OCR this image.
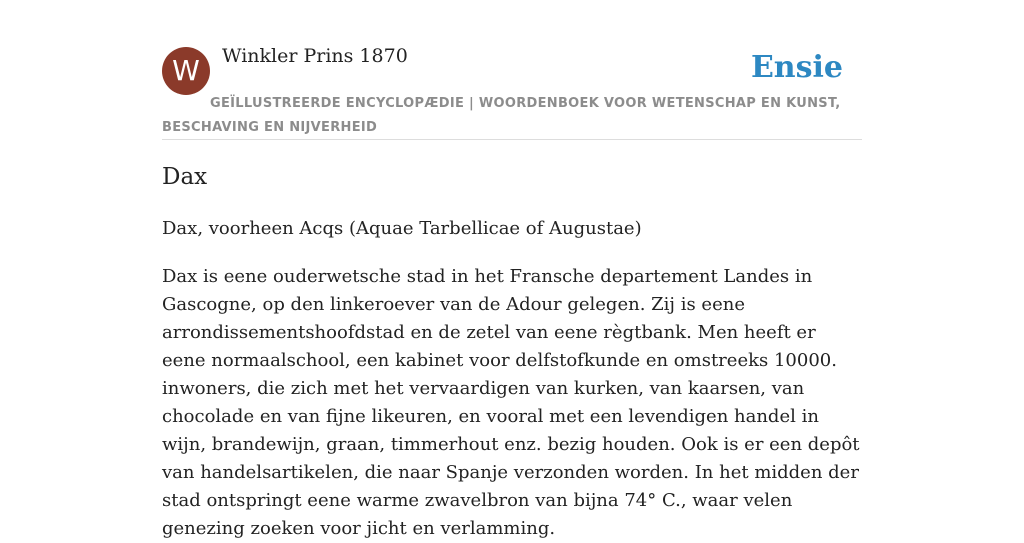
W	Winkler Prins 1870	Ensie
GEÏLLUSTREERDE ENCYCLOPÆDIE | WOORDENBOEK VOOR WETENSCHAP EN KUNST, BESCHAVING EN NIJVERHEID
Dax
Dax, voorheen Acqs (Aquae Tarbellicae of Augustae)

Dax is eene ouderwetsche stad in het Fransche departement Landes in Gascogne, op den linkeroever van de Adour gelegen. Zij is eene arrondissementshoofdstad en de zetel van eene règtbank. Men heeft er eene normaalschool, een kabinet voor delfstofkunde en omstreeks 10000. inwoners, die zich met het vervaardigen van kurken, van kaarsen, van chocolade en van fijne likeuren, en vooral met een levendigen handel in wijn, brandewijn, graan, timmerhout enz. bezig houden. Ook is er een depôt van handelsartikelen, die naar Spanje verzonden worden. In het midden der stad ontspringt eene warme zwavelbron van bijna 74° C., waar velen genezing zoeken voor jicht en verlamming.
